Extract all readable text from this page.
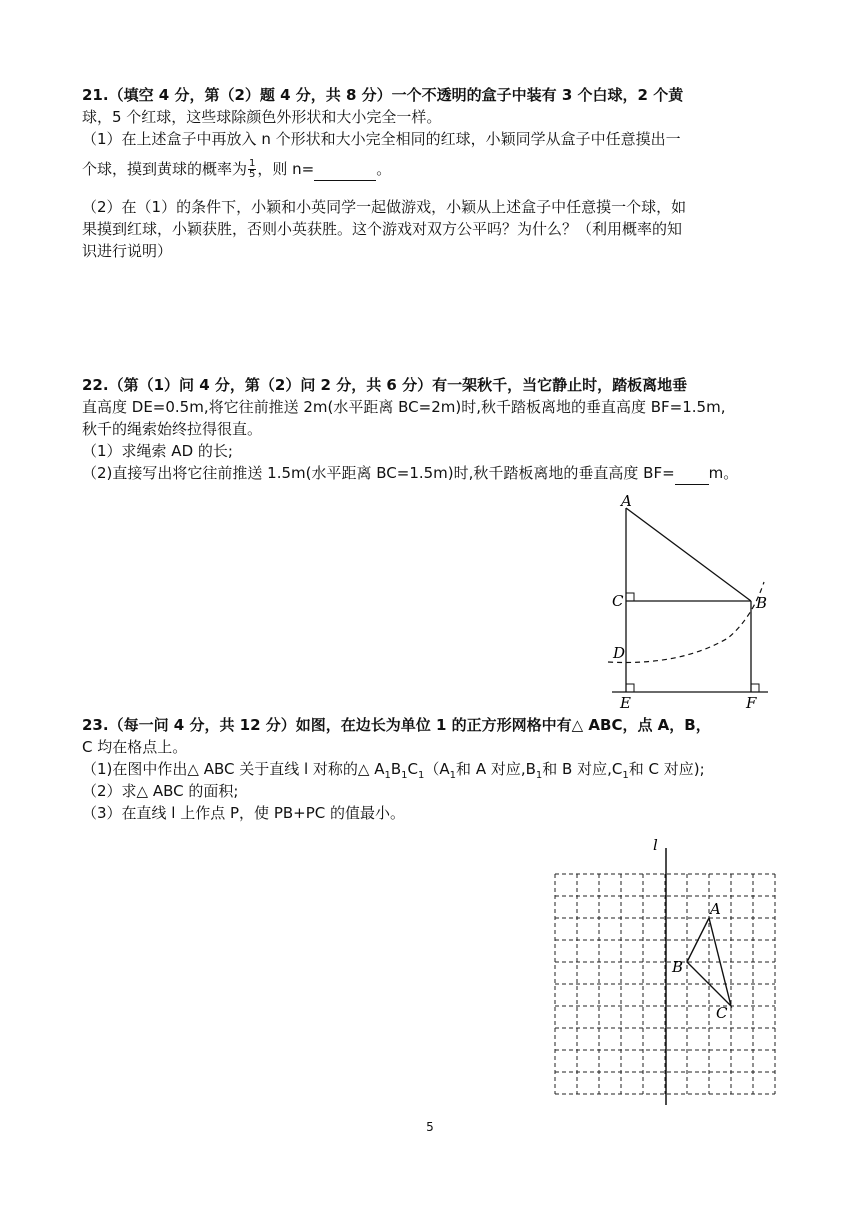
21.（填空 4 分，第（2）题 4 分，共 8 分）一个不透明的盒子中装有 3 个白球，2 个黄
球，5 个红球，这些球除颜色外形状和大小完全一样。
（1）在上述盒子中再放入 n 个形状和大小完全相同的红球，小颖同学从盒子中任意摸出一
个球，摸到黄球的概率为 $\frac{1}{5}$ ，则 n=	。
（2）在（1）的条件下，小颖和小英同学一起做游戏，小颖从上述盒子中任意摸一个球，如
果摸到红球，小颖获胜，否则小英获胜。这个游戏对双方公平吗？为什么？（利用概率的知
识进行说明）
22.（第（1）问 4 分，第（2）问 2 分，共 6 分）有一架秋千，当它静止时，踏板离地垂
直高度 DE=0.5m,将它往前推送 2m(水平距离 BC=2m)时,秋千踏板离地的垂直高度 BF=1.5m,
秋千的绳索始终拉得很直。
（1）求绳索 AD 的长;
（2)直接写出将它往前推送 1.5m(水平距离 BC=1.5m)时,秋千踏板离地的垂直高度 BF= m。
A
C	B
D
E	F
23.（每一问 4 分，共 12 分）如图，在边长为单位 1 的正方形网格中有△ ABC，点 A，B，
C 均在格点上。
（1)在图中作出△ ABC 关于直线 l 对称的△ $A_1B_1C_1(A_1$和 A 对应$,B_1$和 B 对应$,C_1$和 C 对应);
（2）求△ ABC 的面积;
（3）在直线 l 上作点 P，使 PB+PC 的值最小。
l
A
B
C
5
